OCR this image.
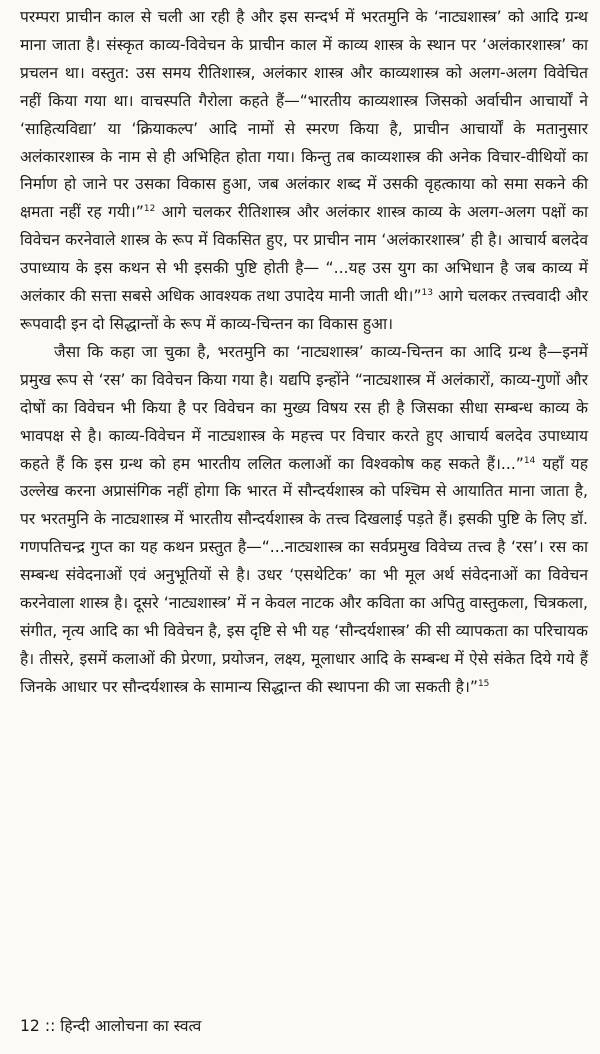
परम्परा प्राचीन काल से चली आ रही है और इस सन्दर्भ में भरतमुनि के ‘नाट्यशास्त्र’ को आदि ग्रन्थ माना जाता है। संस्कृत काव्य-विवेचन के प्राचीन काल में काव्य शास्त्र के स्थान पर ‘अलंकारशास्त्र’ का प्रचलन था। वस्तुत: उस समय रीतिशास्त्र, अलंकार शास्त्र और काव्यशास्त्र को अलग-अलग विवेचित नहीं किया गया था। वाचस्पति गैरोला कहते हैं—“भारतीय काव्यशास्त्र जिसको अर्वाचीन आचार्यों ने ‘साहित्यविद्या’ या ‘क्रियाकल्प’ आदि नामों से स्मरण किया है, प्राचीन आचार्यों के मतानुसार अलंकारशास्त्र के नाम से ही अभिहित होता गया। किन्तु तब काव्यशास्त्र की अनेक विचार-वीथियों का निर्माण हो जाने पर उसका विकास हुआ, जब अलंकार शब्द में उसकी वृहत्काया को समा सकने की क्षमता नहीं रह गयी।”$^{12}$ आगे चलकर रीतिशास्त्र और अलंकार शास्त्र काव्य के अलग-अलग पक्षों का विवेचन करनेवाले शास्त्र के रूप में विकसित हुए, पर प्राचीन नाम ‘अलंकारशास्त्र’ ही है। आचार्य बलदेव उपाध्याय के इस कथन से भी इसकी पुष्टि होती है— “...यह उस युग का अभिधान है जब काव्य में अलंकार की सत्ता सबसे अधिक आवश्यक तथा उपादेय मानी जाती थी।”$^{13}$ आगे चलकर तत्त्ववादी और रूपवादी इन दो सिद्धान्तों के रूप में काव्य-चिन्तन का विकास हुआ।

जैसा कि कहा जा चुका है, भरतमुनि का ‘नाट्यशास्त्र’ काव्य-चिन्तन का आदि ग्रन्थ है—इनमें प्रमुख रूप से ‘रस’ का विवेचन किया गया है। यद्यपि इन्होंने “नाट्यशास्त्र में अलंकारों, काव्य-गुणों और दोषों का विवेचन भी किया है पर विवेचन का मुख्य विषय रस ही है जिसका सीधा सम्बन्ध काव्य के भावपक्ष से है। काव्य-विवेचन में नाट्यशास्त्र के महत्त्व पर विचार करते हुए आचार्य बलदेव उपाध्याय कहते हैं कि इस ग्रन्थ को हम भारतीय ललित कलाओं का विश्वकोष कह सकते हैं।...”$^{14}$ यहाँ यह उल्लेख करना अप्रासंगिक नहीं होगा कि भारत में सौन्दर्यशास्त्र को पश्चिम से आयातित माना जाता है, पर भरतमुनि के नाट्यशास्त्र में भारतीय सौन्दर्यशास्त्र के तत्त्व दिखलाई पड़ते हैं। इसकी पुष्टि के लिए डॉ. गणपतिचन्द्र गुप्त का यह कथन प्रस्तुत है—“...नाट्यशास्त्र का सर्वप्रमुख विवेच्य तत्त्व है ‘रस’। रस का सम्बन्ध संवेदनाओं एवं अनुभूतियों से है। उधर ‘एसथेटिक’ का भी मूल अर्थ संवेदनाओं का विवेचन करनेवाला शास्त्र है। दूसरे ‘नाट्यशास्त्र’ में न केवल नाटक और कविता का अपितु वास्तुकला, चित्रकला, संगीत, नृत्य आदि का भी विवेचन है, इस दृष्टि से भी यह ‘सौन्दर्यशास्त्र’ की सी व्यापकता का परिचायक है। तीसरे, इसमें कलाओं की प्रेरणा, प्रयोजन, लक्ष्य, मूलाधार आदि के सम्बन्ध में ऐसे संकेत दिये गये हैं जिनके आधार पर सौन्दर्यशास्त्र के सामान्य सिद्धान्त की स्थापना की जा सकती है।”$^{15}$

12 :: हिन्दी आलोचना का स्वत्व
